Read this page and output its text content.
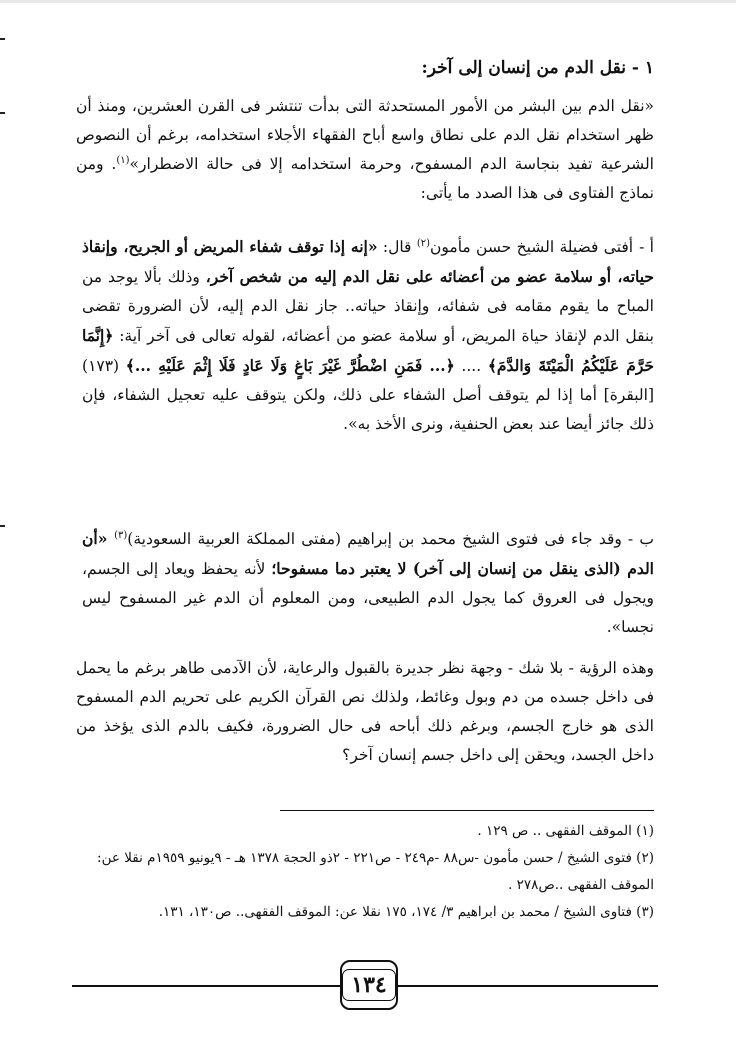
١ - نقل الدم من إنسان إلى آخر:

«نقل الدم بين البشر من الأمور المستحدثة التى بدأت تنتشر فى القرن العشرين، ومنذ أن ظهر استخدام نقل الدم على نطاق واسع أباح الفقهاء الأجلاء استخدامه، برغم أن النصوص الشرعية تفيد بنجاسة الدم المسفوح، وحرمة استخدامه إلا فى حالة الاضطرار»$^{(١)}$. ومن نماذج الفتاوى فى هذا الصدد ما يأتى:

أ -أفتى فضيلة الشيخ حسن مأمون$^{(٢)}$ قال: «إنه إذا توقف شفاء المريض أو الجريح، وإنقاذ حياته، أو سلامة عضو من أعضائه على نقل الدم إليه من شخص آخر، وذلك بألا يوجد من المباح ما يقوم مقامه فى شفائه، وإنقاذ حياته.. جاز نقل الدم إليه، لأن الضرورة تقضى بنقل الدم لإنقاذ حياة المريض، أو سلامة عضو من أعضائه، لقوله تعالى فى آخر آية: ﴿إِنَّمَا حَرَّمَ عَلَيْكُمُ الْمَيْتَةَ وَالدَّمَ﴾ .... ﴿... فَمَنِ اضْطُرَّ غَيْرَ بَاغٍ وَلَا عَادٍ فَلَا إِثْمَ عَلَيْهِ ...﴾ (١٧٣) [البقرة] أما إذا لم يتوقف أصل الشفاء على ذلك، ولكن يتوقف عليه تعجيل الشفاء، فإن ذلك جائز أيضا عند بعض الحنفية، ونرى الأخذ به».

ب -وقد جاء فى فتوى الشيخ محمد بن إبراهيم (مفتى المملكة العربية السعودية)$^{(٣)}$ «أن الدم (الذى ينقل من إنسان إلى آخر) لا يعتبر دما مسفوحا؛ لأنه يحفظ ويعاد إلى الجسم، ويجول فى العروق كما يجول الدم الطبيعى، ومن المعلوم أن الدم غير المسفوح ليس نجسا».

وهذه الرؤية - بلا شك - وجهة نظر جديرة بالقبول والرعاية، لأن الآدمى طاهر برغم ما يحمل فى داخل جسده من دم وبول وغائط، ولذلك نص القرآن الكريم على تحريم الدم المسفوح الذى هو خارج الجسم، وبرغم ذلك أباحه فى حال الضرورة، فكيف بالدم الذى يؤخذ من داخل الجسد، ويحقن إلى داخل جسم إنسان آخر؟

(١) الموقف الفقهى .. ص ١٢٩ .

(٢) فتوى الشيخ / حسن مأمون -س٨٨ -م٢٤٩ - ص٢٢١ - ٢ذو الحجة ١٣٧٨ هـ - ٩يونيو ١٩٥٩م نقلا عن: الموقف الفقهى ..ص٢٧٨ .

(٣) فتاوى الشيخ / محمد بن ابراهيم ٣/ ١٧٤، ١٧٥ نقلا عن: الموقف الفقهى.. ص١٣٠، ١٣١.

١٣٤
